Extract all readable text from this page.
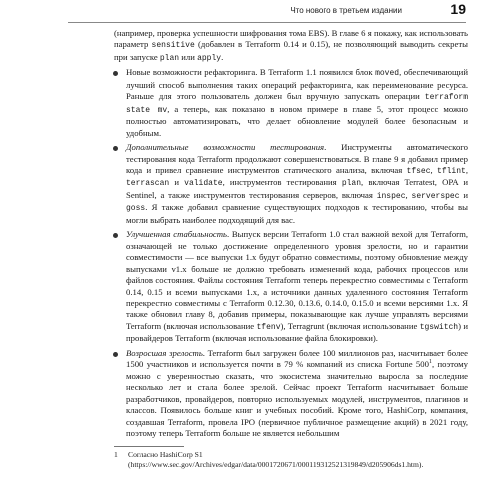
Что нового в третьем издании	19

(например, проверка успешности шифрования тома EBS). В главе 6 я покажу, как использовать параметр sensitive (добавлен в Terraform 0.14 и 0.15), не позволяющий выводить секреты при запуске plan или apply.

Новые возможности рефакторинга. В Terraform 1.1 появился блок moved, обеспечивающий лучший способ выполнения таких операций рефакторинга, как переименование ресурса. Раньше для этого пользователь должен был вручную запускать операции terraform state mv, а теперь, как показано в новом примере в главе 5, этот процесс можно полностью автоматизировать, что делает обновление модулей более безопасным и удобным.
Дополнительные возможности тестирования. Инструменты автоматического тестирования кода Terraform продолжают совершенствоваться. В главе 9 я добавил пример кода и привел сравнение инструментов статического анализа, включая tfsec, tflint, terrascan и validate, инструментов тестирования plan, включая Terratest, OPA и Sentinel, а также инструментов тестирования серверов, включая inspec, serverspec и goss. Я также добавил сравнение существующих подходов к тестированию, чтобы вы могли выбрать наиболее подходящий для вас.
Улучшенная стабильность. Выпуск версии Terraform 1.0 стал важной вехой для Terraform, означающей не только достижение определенного уровня зрелости, но и гарантии совместимости — все выпуски 1.x будут обратно совместимы, поэтому обновление между выпусками v1.x больше не должно требовать изменений кода, рабочих процессов или файлов состояния. Файлы состояния Terraform теперь перекрестно совместимы с Terraform 0.14, 0.15 и всеми выпусками 1.x, а источники данных удаленного состояния Terraform перекрестно совместимы с Terraform 0.12.30, 0.13.6, 0.14.0, 0.15.0 и всеми версиями 1.x. Я также обновил главу 8, добавив примеры, показывающие как лучше управлять версиями Terraform (включая использование tfenv), Terragrunt (включая использование tgswitch) и провайдеров Terraform (включая использование файла блокировки).
Возросшая зрелость. Terraform был загружен более 100 миллионов раз, насчитывает более 1500 участников и используется почти в 79 % компаний из списка Fortune $500^1$, поэтому можно с уверенностью сказать, что экосистема значительно выросла за последние несколько лет и стала более зрелой. Сейчас проект Terraform насчитывает больше разработчиков, провайдеров, повторно используемых модулей, инструментов, плагинов и классов. Появилось больше книг и учебных пособий. Кроме того, HashiCorp, компания, создавшая Terraform, провела IPO (первичное публичное размещение акций) в 2021 году, поэтому теперь Terraform больше не является небольшим
1	Согласно HashiCorp S1 (https://www.sec.gov/Archives/edgar/data/0001720671/000119312521319849/d205906ds1.htm).
